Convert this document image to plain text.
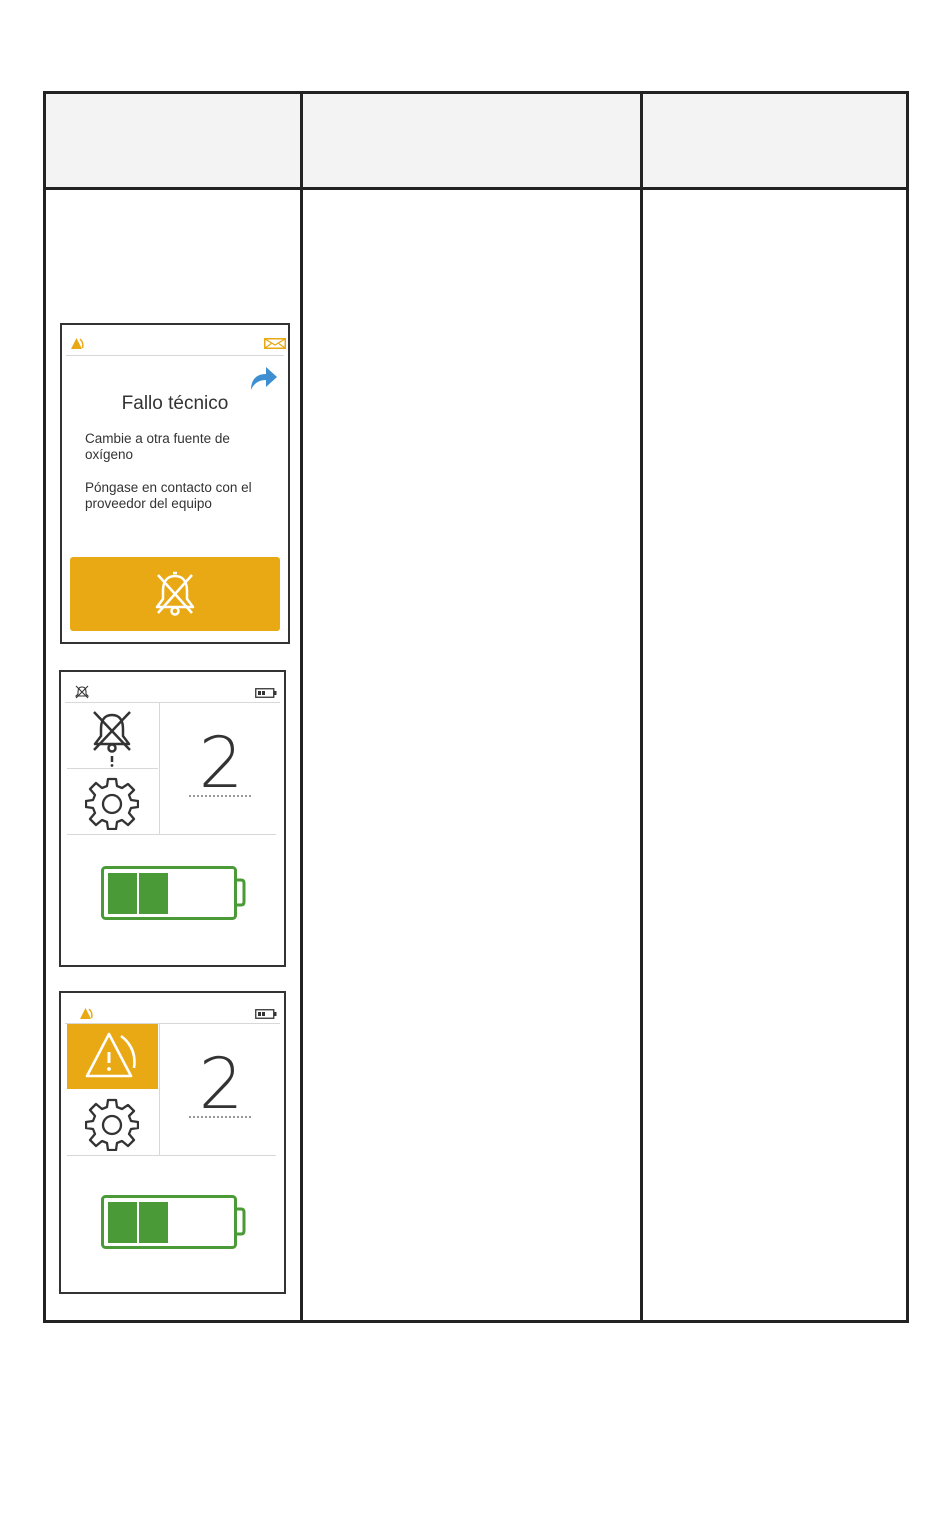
Fallo técnico
Cambie a otra fuente de oxígeno
Póngase en contacto con el proveedor del equipo
2
2
